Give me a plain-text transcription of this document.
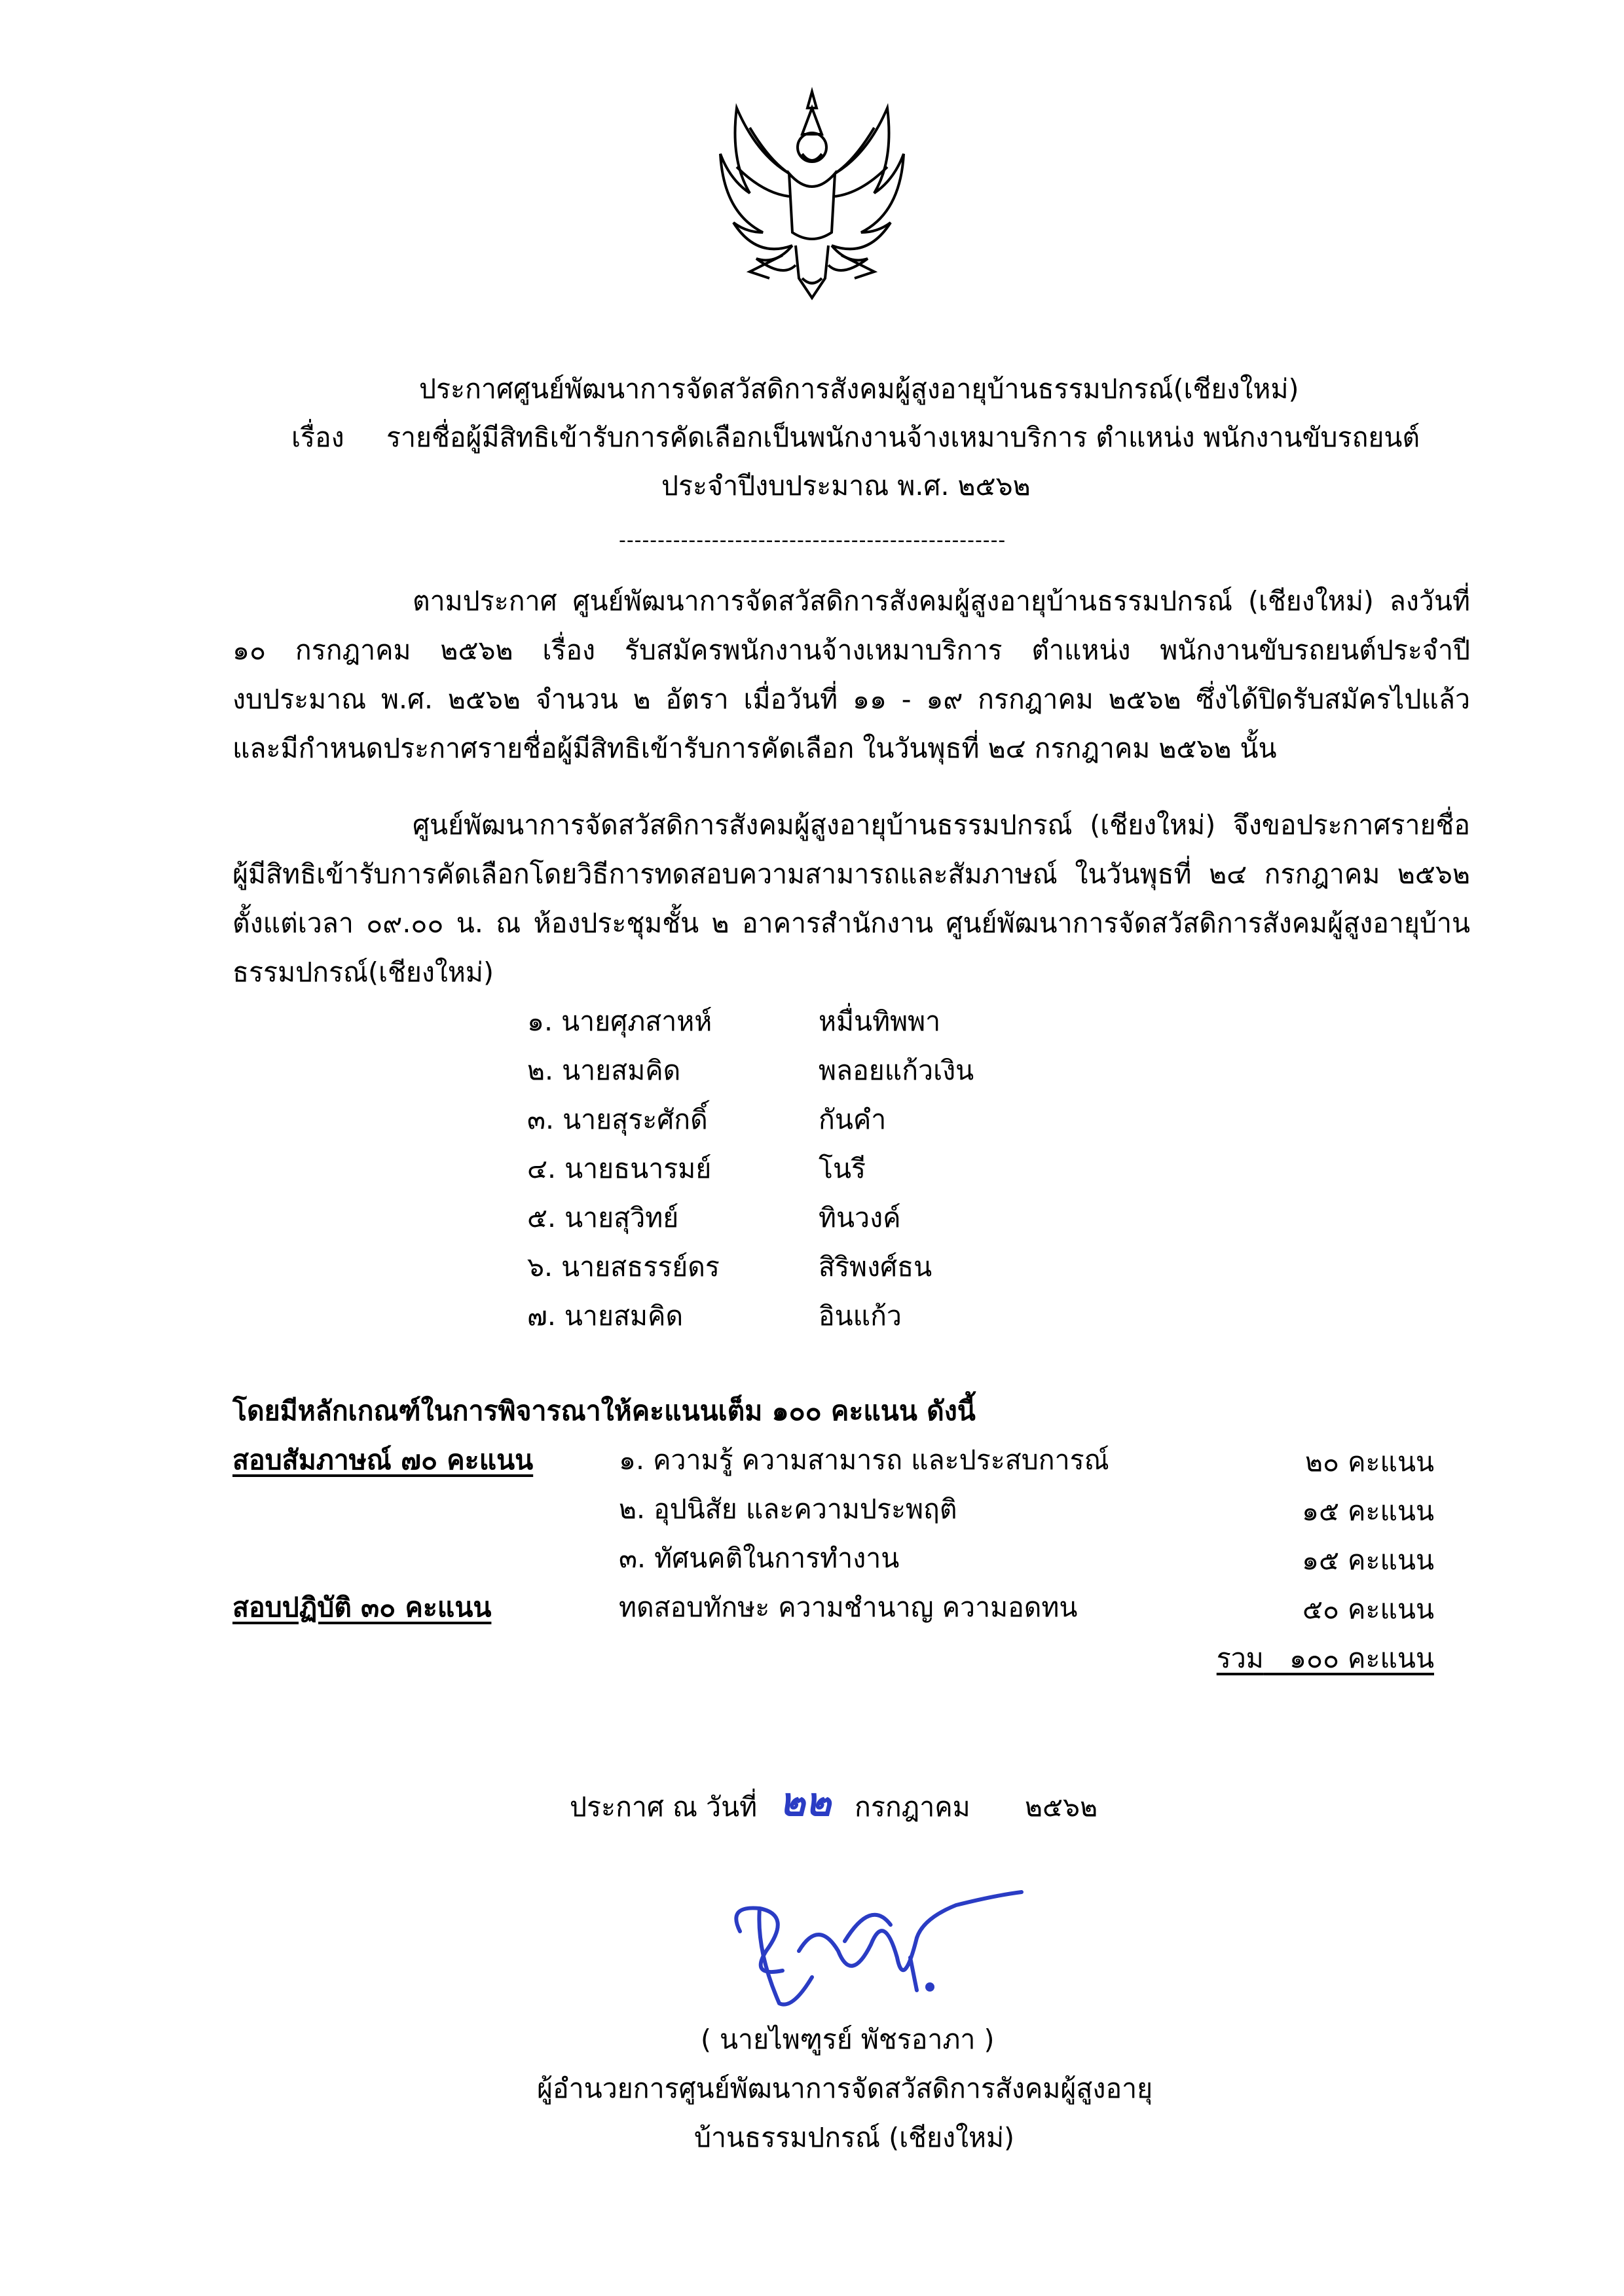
ประกาศศูนย์พัฒนาการจัดสวัสดิการสังคมผู้สูงอายุบ้านธรรมปกรณ์(เชียงใหม่)
เรื่อง รายชื่อผู้มีสิทธิเข้ารับการคัดเลือกเป็นพนักงานจ้างเหมาบริการ ตำแหน่ง พนักงานขับรถยนต์
ประจำปีงบประมาณ พ.ศ. ๒๕๖๒
--------------------------------------------------
ตามประกาศ ศูนย์พัฒนาการจัดสวัสดิการสังคมผู้สูงอายุบ้านธรรมปกรณ์ (เชียงใหม่) ลงวันที่
๑๐ กรกฎาคม ๒๕๖๒ เรื่อง รับสมัครพนักงานจ้างเหมาบริการ ตำแหน่ง พนักงานขับรถยนต์ประจำปี
งบประมาณ พ.ศ. ๒๕๖๒ จำนวน ๒ อัตรา เมื่อวันที่ ๑๑ - ๑๙ กรกฎาคม ๒๕๖๒ ซึ่งได้ปิดรับสมัครไปแล้ว
และมีกำหนดประกาศรายชื่อผู้มีสิทธิเข้ารับการคัดเลือก ในวันพุธที่ ๒๔ กรกฎาคม ๒๕๖๒ นั้น
ศูนย์พัฒนาการจัดสวัสดิการสังคมผู้สูงอายุบ้านธรรมปกรณ์ (เชียงใหม่) จึงขอประกาศรายชื่อ
ผู้มีสิทธิเข้ารับการคัดเลือกโดยวิธีการทดสอบความสามารถและสัมภาษณ์ ในวันพุธที่ ๒๔ กรกฎาคม ๒๕๖๒
ตั้งแต่เวลา ๐๙.๐๐ น. ณ ห้องประชุมชั้น ๒ อาคารสำนักงาน ศูนย์พัฒนาการจัดสวัสดิการสังคมผู้สูงอายุบ้าน
ธรรมปกรณ์(เชียงใหม่)
๑. นายศุภสาหห์	หมื่นทิพพา
๒. นายสมคิด	พลอยแก้วเงิน
๓. นายสุระศักดิ์	กันคำ
๔. นายธนารมย์	โนรี
๕. นายสุวิทย์	ทินวงค์
๖. นายสธรรย์ดร	สิริพงศ์ธน
๗. นายสมคิด	อินแก้ว
โดยมีหลักเกณฑ์ในการพิจารณาให้คะแนนเต็ม ๑๐๐ คะแนน ดังนี้
สอบสัมภาษณ์ ๗๐ คะแนน	๑. ความรู้ ความสามารถ และประสบการณ์	๒๐ คะแนน
๒. อุปนิสัย และความประพฤติ	๑๕ คะแนน
๓. ทัศนคติในการทำงาน	๑๕ คะแนน
สอบปฏิบัติ ๓๐ คะแนน	ทดสอบทักษะ ความชำนาญ ความอดทน	๕๐ คะแนน
รวม ๑๐๐ คะแนน
ประกาศ ณ วันที่ ๒๒ กรกฎาคม ๒๕๖๒
( นายไพฑูรย์ พัชรอาภา )
ผู้อำนวยการศูนย์พัฒนาการจัดสวัสดิการสังคมผู้สูงอายุ
บ้านธรรมปกรณ์ (เชียงใหม่)
